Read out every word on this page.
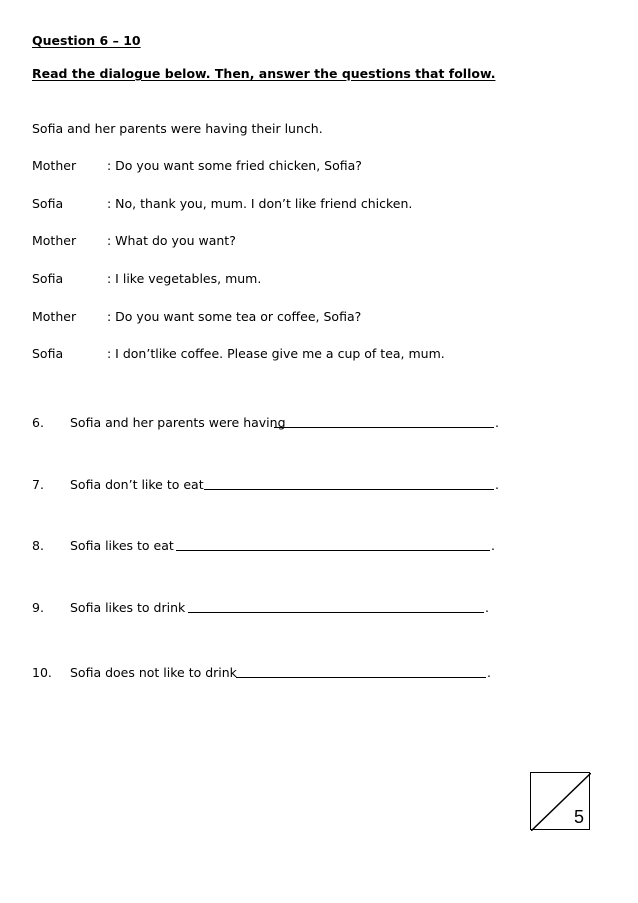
Question 6 – 10
Read the dialogue below. Then, answer the questions that follow.
Sofia and her parents were having their lunch.
Mother : Do you want some fried chicken, Sofia?
Sofia	: No, thank you, mum. I don’t like friend chicken.
Mother : What do you want?
Sofia	: I like vegetables, mum.
Mother : Do you want some tea or coffee, Sofia?
Sofia	: I don’tlike coffee. Please give me a cup of tea, mum.
6. Sofia and her parents were having	.
7. Sofia don’t like to eat	.
8. Sofia likes to eat	.
9. Sofia likes to drink	.
10. Sofia does not like to drink	.
5
